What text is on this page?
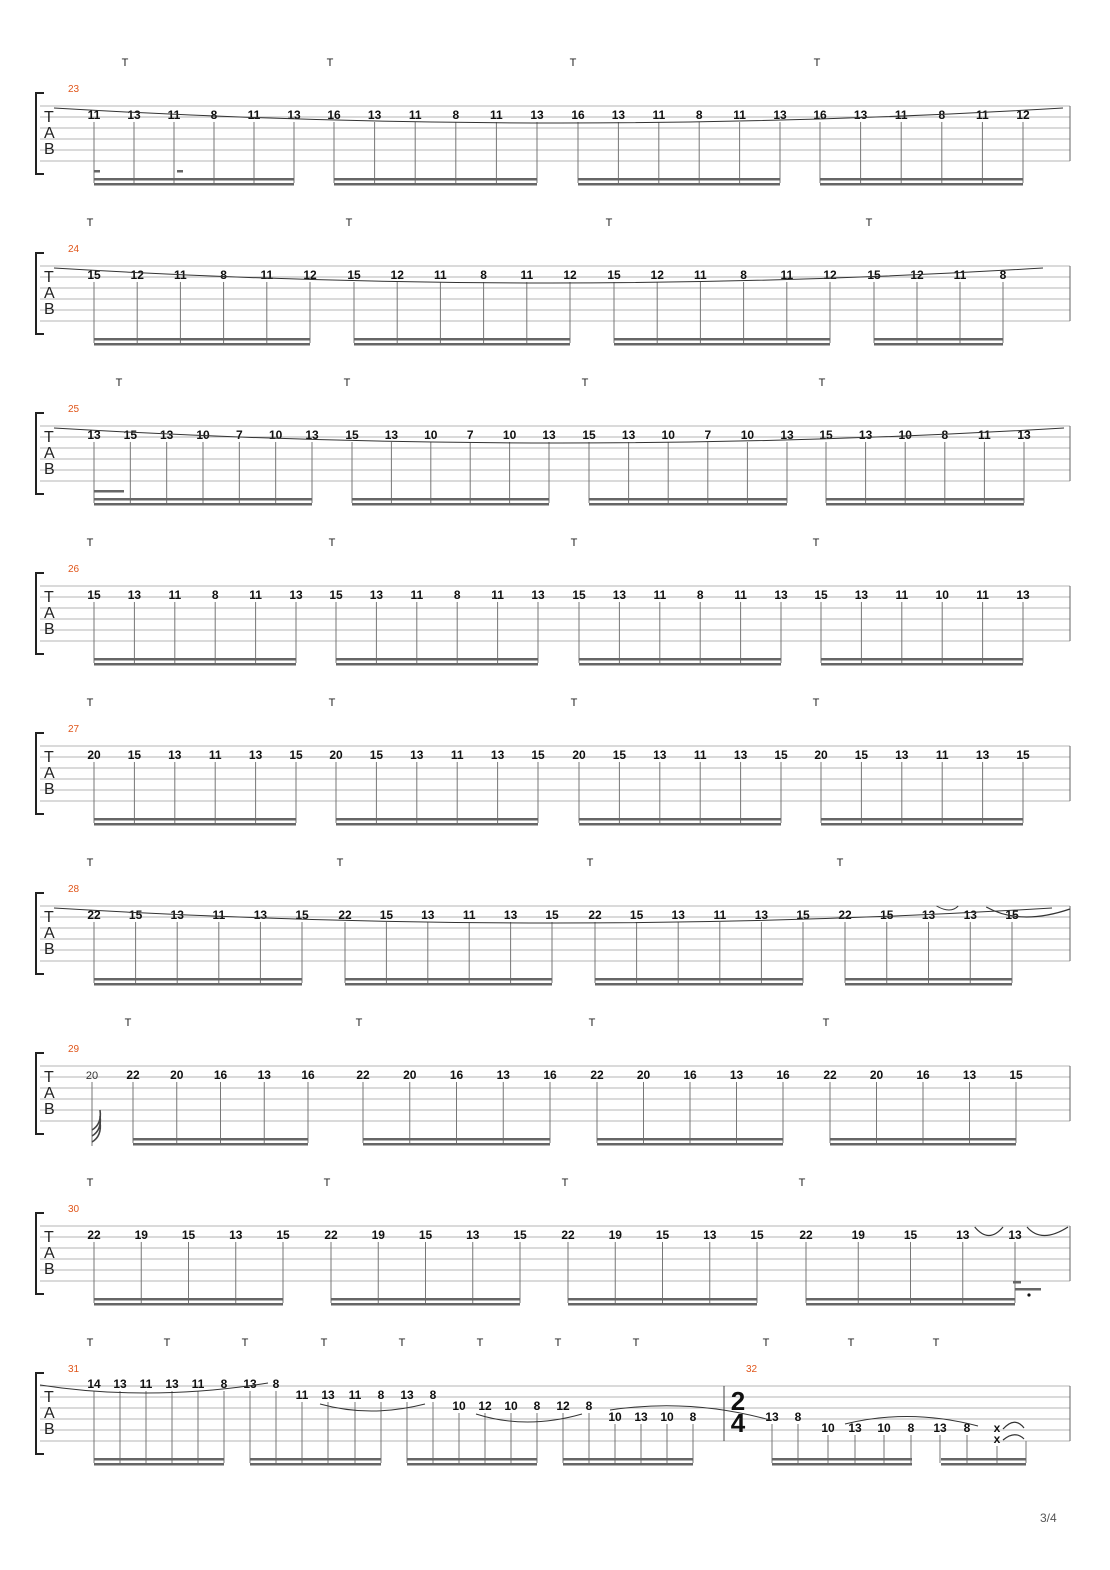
T
A
B
23
T	T	T	T
11 13 11	8	11 13 16 13 11	8	11 13 16 13 11	8	11 13 16 13 11	8	11 12
T
A
B
24
T	T	T	T
15 12	11	8	11	12	15 12	11	8	11	12	15 12	11	8	11	12	15 12 11	8
T
A
B
25
T	T	T	T
13 15 13 10 7 10 13 15 13 10 7 10 13 15 13 10 7 10 13 15 13 10 8 11 13
T
A
B
26
T	T	T	T
15 13 11	8	11 13 15 13 11	8	11 13 15 13 11	8	11 13 15 13 11 10 11 13
T
A
B
27
T	T	T	T
20 15 13 11 13 15 20 15 13 11 13 15 20 15 13 11 13 15 20 15 13 11 13 15
T
A
B
28
T	T	T	T
22 15 13 11 13 15 22 15 13 11 13 15 22 15 13 11 13 15 22 15 13 13 15
T
A
B
29
T	T	T	T
22	20	16	13	16	22	20	16	13	16	22	20	16	13	16	22	20	16	13	15
20
T
A
B
30
T	T	T	T
22	19	15	13	15	22	19	15	13	15	22	19	15	13	15	22	19	15	13	13
T
A
B
31	32
T	T	T	T	T	T	T	T	T	T	T
2
4
14 13 11 13 11 8 13 8
11 13 11 8 13 8
10 12 10 8 12 8
10 13 10 8	13 8
10 13 10 8 13 8 x
x
3/4
